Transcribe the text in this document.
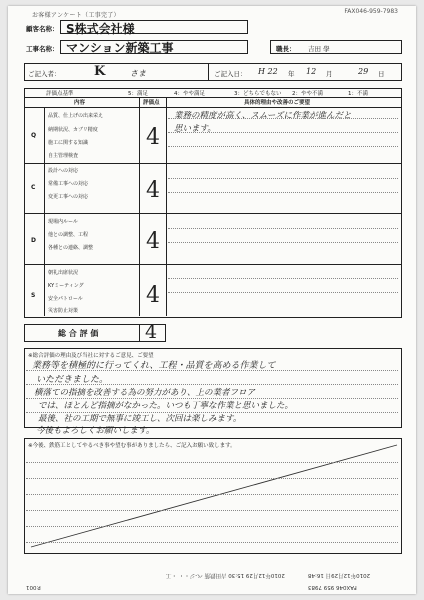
お客様アンケート（工事完了）
FAX046-959-7983
顧客名称： S株式会社様
工事名称： マンション新築工事	職長： 吉田 學
ご記入者：	K	さま	ご記入日： H 22 年 12 月	29 日
評価点基準	5：満足	4：やや満足	3：どちらでもない 2：やや不満	1：不満
内容	評価点	具体的理由や改善のご要望
Q
品質、仕上げの出来栄え
納期状況、カブリ精度
施工に関する知識
自主管理検査
4
業務の精度が高く、スムーズに作業が進んだと
思います。
C
設計への対応
常備工事への対応
変更工事への対応	4
D
現場内ルール
他との調整、工程
各種との連絡、調整 4
S
朝礼出席状況
KYミーティング
安全パトロール
災害防止対策
4
総 合 評 価 4
※総合評価の理由及び当社に対するご意見、ご要望
業務等を積極的に行ってくれ、工程・品質を高める作業して
いただきました。
横落ての指摘を改善する為の努力があり、上の業者フロア
では、ほとんど指摘がなかった。いつも丁寧な作業と思いました。
最後、社の工期で無事に竣工し、次回は楽しみます。
今後もよろしくお願いします。
※今後、鉄筋工としてやるべき事や望む事がありましたら、ご記入お願い致します。
2010年12月29日 16:48
2010年12月29 15:30 吉田鉄筋 ペ-ジ・・ ・工
P.001	FAX046 959 7983
